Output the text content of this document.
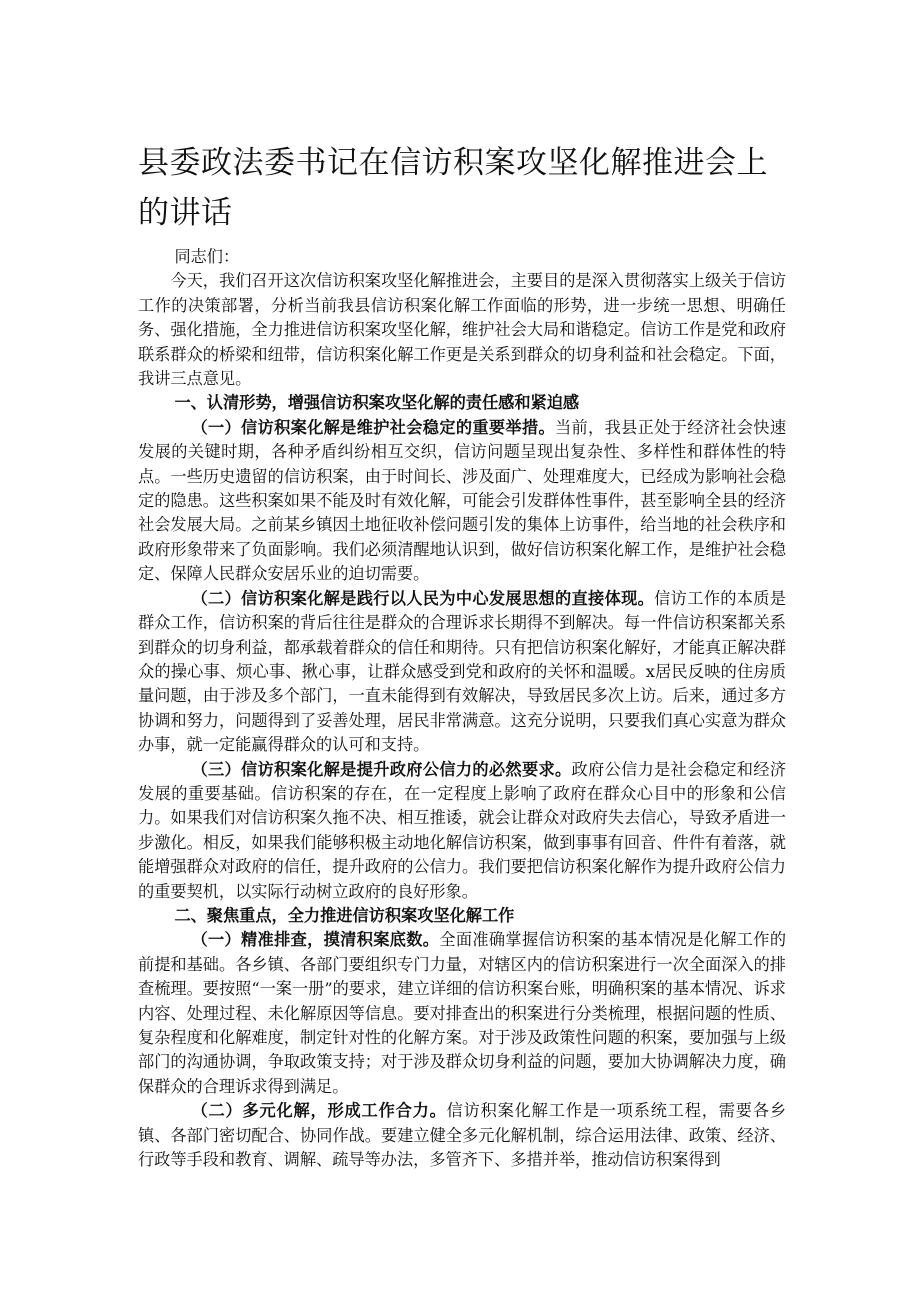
县委政法委书记在信访积案攻坚化解推进会上的讲话

同志们：

今天，我们召开这次信访积案攻坚化解推进会，主要目的是深入贯彻落实上级关于信访工作的决策部署，分析当前我县信访积案化解工作面临的形势，进一步统一思想、明确任务、强化措施，全力推进信访积案攻坚化解，维护社会大局和谐稳定。信访工作是党和政府联系群众的桥梁和纽带，信访积案化解工作更是关系到群众的切身利益和社会稳定。下面，我讲三点意见。

一、认清形势，增强信访积案攻坚化解的责任感和紧迫感

（一）信访积案化解是维护社会稳定的重要举措。当前，我县正处于经济社会快速发展的关键时期，各种矛盾纠纷相互交织，信访问题呈现出复杂性、多样性和群体性的特点。一些历史遗留的信访积案，由于时间长、涉及面广、处理难度大，已经成为影响社会稳定的隐患。这些积案如果不能及时有效化解，可能会引发群体性事件，甚至影响全县的经济社会发展大局。之前某乡镇因土地征收补偿问题引发的集体上访事件，给当地的社会秩序和政府形象带来了负面影响。我们必须清醒地认识到，做好信访积案化解工作，是维护社会稳定、保障人民群众安居乐业的迫切需要。

（二）信访积案化解是践行以人民为中心发展思想的直接体现。信访工作的本质是群众工作，信访积案的背后往往是群众的合理诉求长期得不到解决。每一件信访积案都关系到群众的切身利益，都承载着群众的信任和期待。只有把信访积案化解好，才能真正解决群众的操心事、烦心事、揪心事，让群众感受到党和政府的关怀和温暖。x居民反映的住房质量问题，由于涉及多个部门，一直未能得到有效解决，导致居民多次上访。后来，通过多方协调和努力，问题得到了妥善处理，居民非常满意。这充分说明，只要我们真心实意为群众办事，就一定能赢得群众的认可和支持。

（三）信访积案化解是提升政府公信力的必然要求。政府公信力是社会稳定和经济发展的重要基础。信访积案的存在，在一定程度上影响了政府在群众心目中的形象和公信力。如果我们对信访积案久拖不决、相互推诿，就会让群众对政府失去信心，导致矛盾进一步激化。相反，如果我们能够积极主动地化解信访积案，做到事事有回音、件件有着落，就能增强群众对政府的信任，提升政府的公信力。我们要把信访积案化解作为提升政府公信力的重要契机，以实际行动树立政府的良好形象。

二、聚焦重点，全力推进信访积案攻坚化解工作

（一）精准排查，摸清积案底数。全面准确掌握信访积案的基本情况是化解工作的前提和基础。各乡镇、各部门要组织专门力量，对辖区内的信访积案进行一次全面深入的排查梳理。要按照“一案一册”的要求，建立详细的信访积案台账，明确积案的基本情况、诉求内容、处理过程、未化解原因等信息。要对排查出的积案进行分类梳理，根据问题的性质、复杂程度和化解难度，制定针对性的化解方案。对于涉及政策性问题的积案，要加强与上级部门的沟通协调，争取政策支持；对于涉及群众切身利益的问题，要加大协调解决力度，确保群众的合理诉求得到满足。

（二）多元化解，形成工作合力。信访积案化解工作是一项系统工程，需要各乡镇、各部门密切配合、协同作战。要建立健全多元化解机制，综合运用法律、政策、经济、行政等手段和教育、调解、疏导等办法，多管齐下、多措并举，推动信访积案得到
